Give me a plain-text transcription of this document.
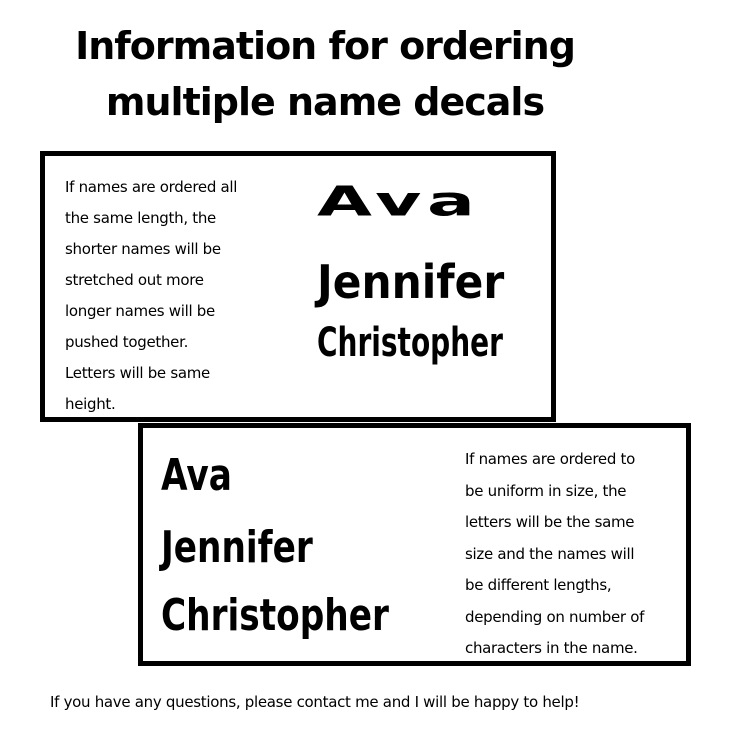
Information for ordering
multiple name decals

If names are ordered all
the same length, the
shorter names will be
stretched out more
longer names will be
pushed together.
Letters will be same
height.

Ava
Jennifer
Christopher
Ava
Jennifer
Christopher

If names are ordered to
be uniform in size, the
letters will be the same
size and the names will
be different lengths,
depending on number of
characters in the name.

If you have any questions, please contact me and I will be happy to help!
